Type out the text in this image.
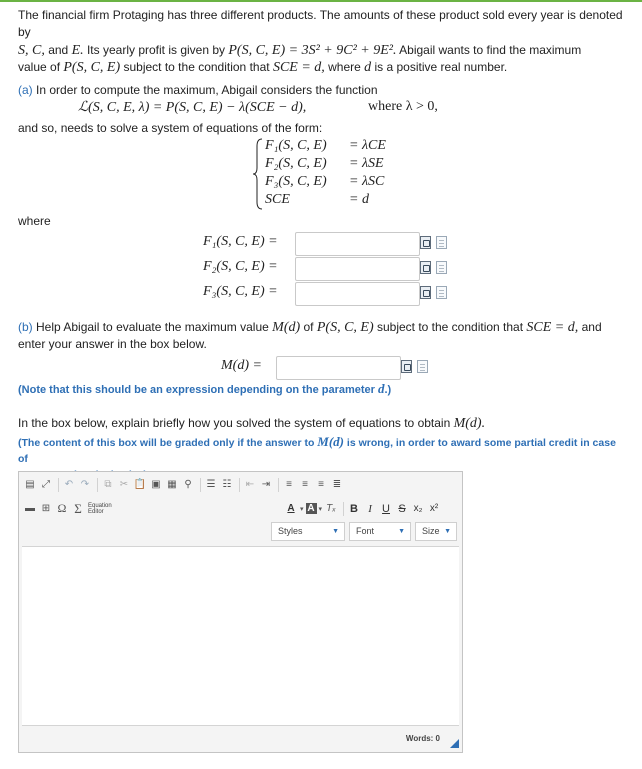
The financial firm Protaging has three different products. The amounts of these product sold every year is denoted by
S, C, and E. Its yearly profit is given by P(S, C, E) = 3S² + 9C² + 9E². Abigail wants to find the maximum
value of P(S, C, E) subject to the condition that SCE = d, where d is a positive real number.
(a) In order to compute the maximum, Abigail considers the function
ℒ(S, C, E, λ) = P(S, C, E) − λ(SCE − d),	where λ > 0,
and so, needs to solve a system of equations of the form:
F₁(S, C, E) = λCE
F₂(S, C, E) = λSE
F₃(S, C, E) = λSC
SCE	= d
where
F₁(S, C, E) =
F₂(S, C, E) =
F₃(S, C, E) =
(b) Help Abigail to evaluate the maximum value M(d) of P(S, C, E) subject to the condition that SCE = d, and
enter your answer in the box below.
M(d) =
(Note that this should be an expression depending on the parameter d.)
In the box below, explain briefly how you solved the system of equations to obtain M(d).
(The content of this box will be graded only if the answer to M(d) is wrong, in order to award some partial credit in case of
▤ ⤢	↶ ↷	⧉ ✂ 📋 ▣ ▦ ⚲	☰ ☷ ⇤ ⇥	≡	≡	≡ ≣
▬ ⊞ Ω Σ	Equation
Editor	A ▾ A ▾ Tₓ B I U S x₂ x²
Styles	▼	Font	▼	Size ▼
Words: 0
